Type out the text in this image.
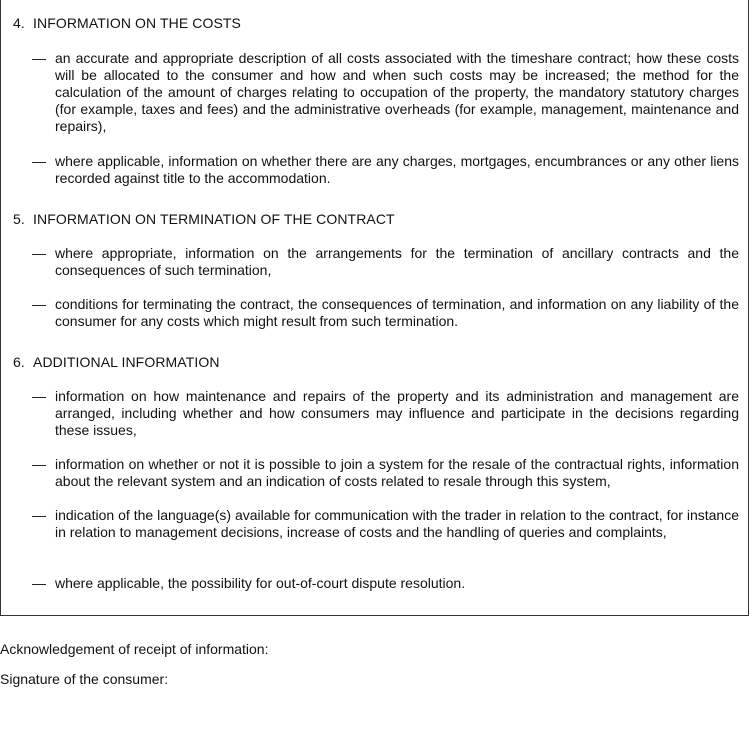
4. INFORMATION ON THE COSTS
— an accurate and appropriate description of all costs associated with the timeshare contract; how these costs will be allocated to the consumer and how and when such costs may be increased; the method for the calculation of the amount of charges relating to occupation of the property, the mandatory statutory charges (for example, taxes and fees) and the administrative overheads (for example, management, maintenance and repairs),
— where applicable, information on whether there are any charges, mortgages, encumbrances or any other liens recorded against title to the accommodation.
5. INFORMATION ON TERMINATION OF THE CONTRACT
— where appropriate, information on the arrangements for the termination of ancillary contracts and the consequences of such termination,
— conditions for terminating the contract, the consequences of termination, and information on any liability of the consumer for any costs which might result from such termination.
6. ADDITIONAL INFORMATION
— information on how maintenance and repairs of the property and its administration and management are arranged, including whether and how consumers may influence and participate in the decisions regarding these issues,
— information on whether or not it is possible to join a system for the resale of the contractual rights, information about the relevant system and an indication of costs related to resale through this system,
— indication of the language(s) available for communication with the trader in relation to the contract, for instance in relation to management decisions, increase of costs and the handling of queries and complaints,
— where applicable, the possibility for out-of-court dispute resolution.
Acknowledgement of receipt of information:
Signature of the consumer:
